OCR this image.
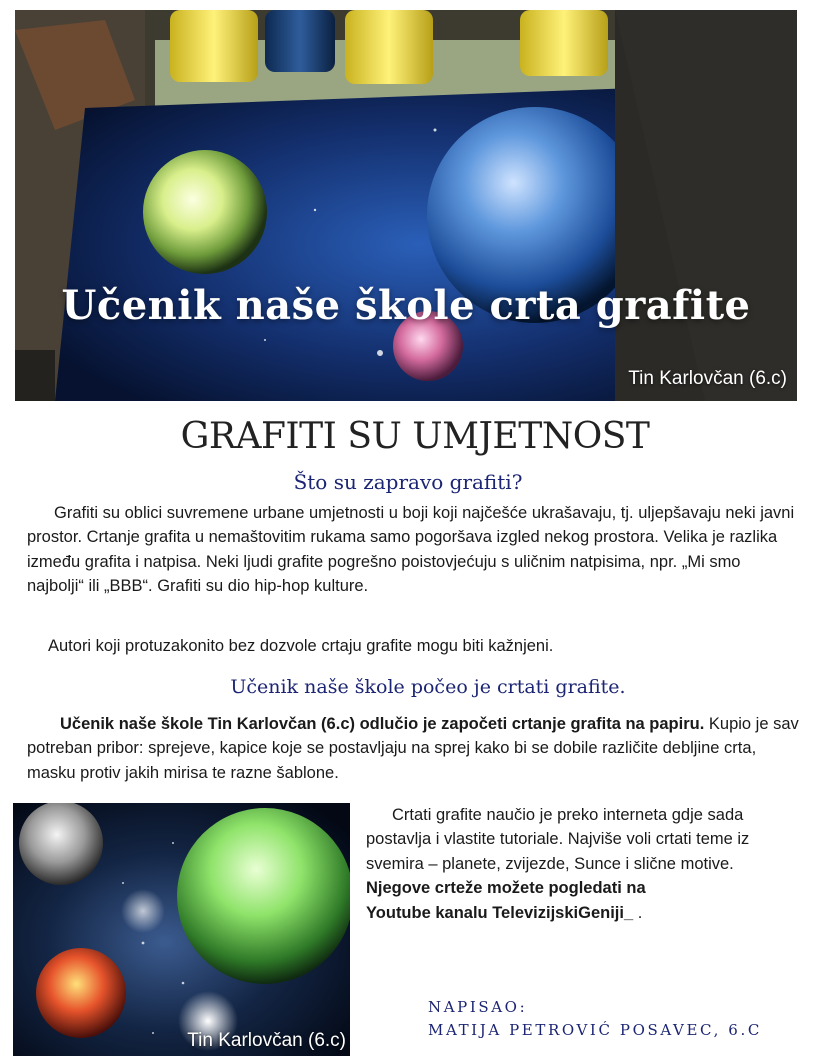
Učenik naše škole crta grafite
Tin Karlovčan (6.c)
GRAFITI SU UMJETNOST
Što su zapravo grafiti?
Grafiti su oblici suvremene urbane umjetnosti u boji koji najčešće ukrašavaju, tj. uljepšavaju neki javni prostor. Crtanje grafita u nemaštovitim rukama samo pogoršava izgled nekog prostora. Velika je razlika između grafita i natpisa. Neki ljudi grafite pogrešno poistovjećuju s uličnim natpisima, npr. „Mi smo najbolji“ ili „BBB“. Grafiti su dio hip-hop kulture.
Autori koji protuzakonito bez dozvole crtaju grafite mogu biti kažnjeni.
Učenik naše škole počeo je crtati grafite.
Učenik naše škole Tin Karlovčan (6.c) odlučio je započeti crtanje grafita na papiru. Kupio je sav potreban pribor: sprejeve, kapice koje se postavljaju na sprej kako bi se dobile različite debljine crta, masku protiv jakih mirisa te razne šablone.
Tin Karlovčan (6.c)
Crtati grafite naučio je preko interneta gdje sada postavlja i vlastite tutoriale. Najviše voli crtati teme iz svemira – planete, zvijezde, Sunce i slične motive.
Njegove crteže možete pogledati na
Youtube kanalu TelevizijskiGeniji_ .
NAPISAO:
MATIJA PETROVIĆ POSAVEC, 6.C
